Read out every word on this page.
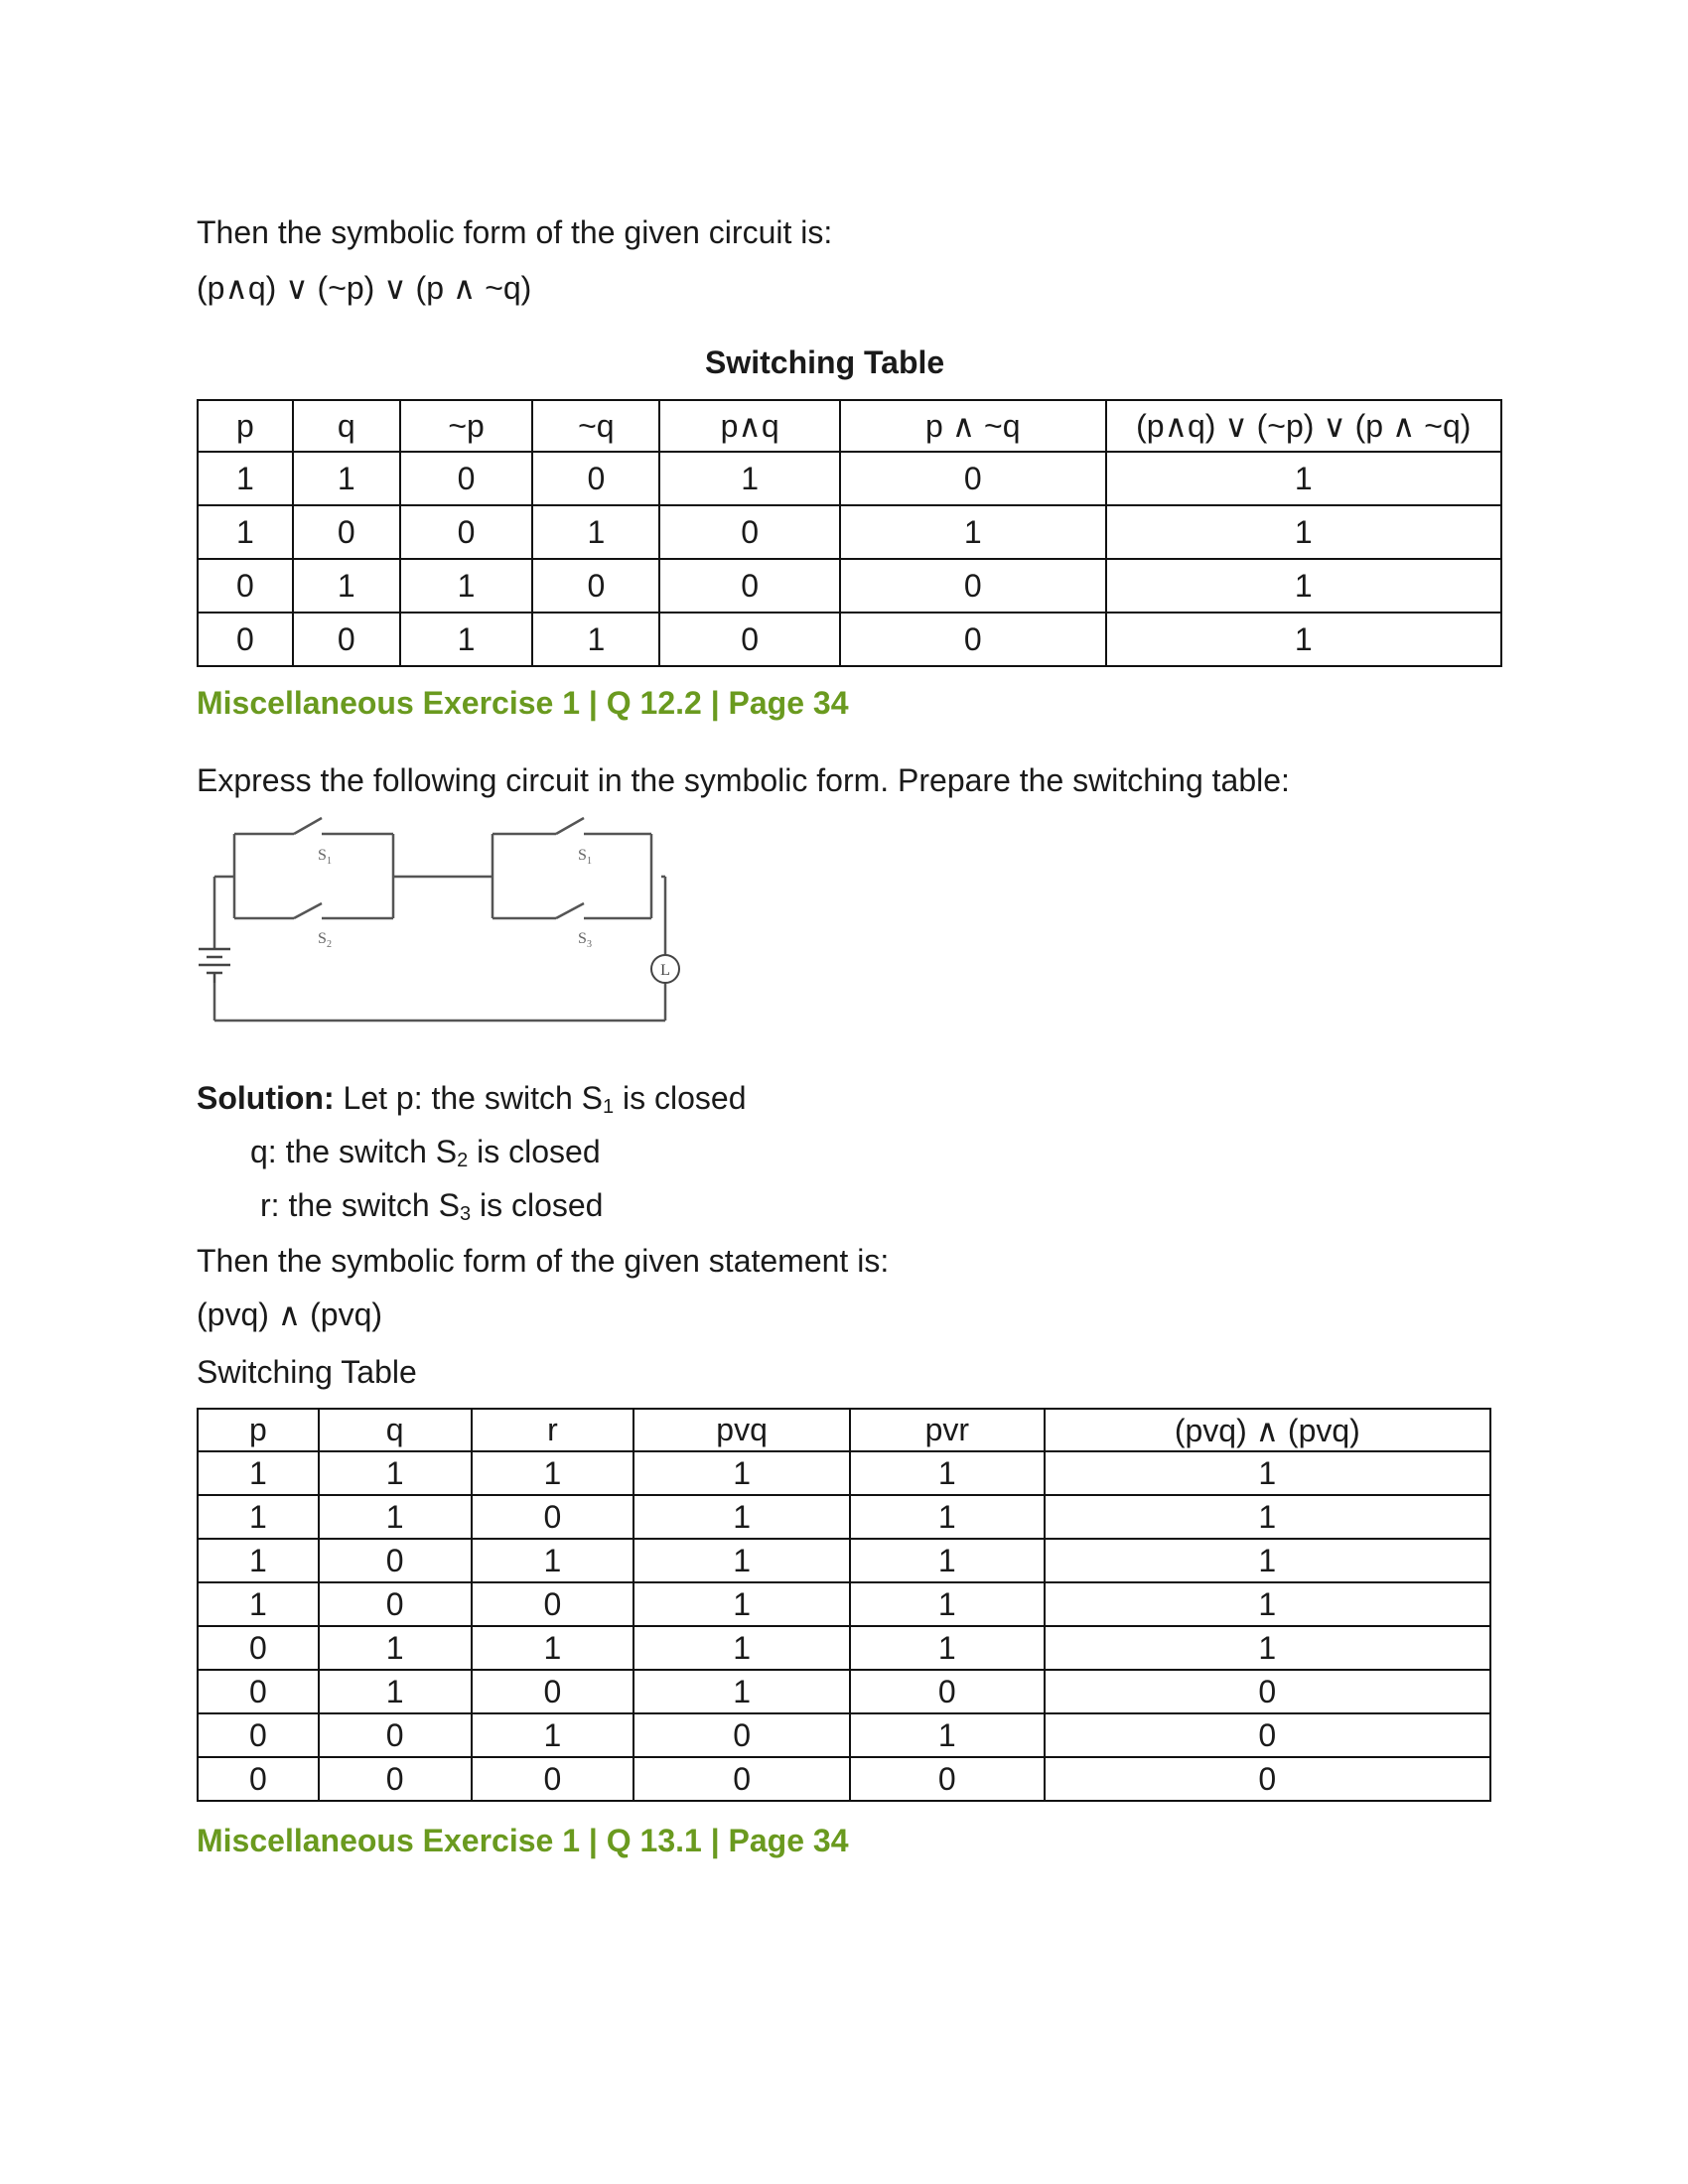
Then the symbolic form of the given circuit is:
(p∧q) ∨ (~p) ∨ (p ∧ ~q)
Switching Table
p	q	~p	~q	p∧q	p ∧ ~q	(p∧q) ∨ (~p) ∨ (p ∧ ~q)
1	1	0	0	1	0	1
1	0	0	1	0	1	1
0	1	1	0	0	0	1
0	0	1	1	0	0	1
Miscellaneous Exercise 1 | Q 12.2 | Page 34
Express the following circuit in the symbolic form. Prepare the switching table:
L
S 1
S 2
S 1
S 3
Solution: Let p: the switch $S_1$ is closed
q: the switch $S_2$ is closed
r: the switch $S_3$ is closed
Then the symbolic form of the given statement is:
(pvq) ∧ (pvq)
Switching Table
p	q	r	pvq	pvr	(pvq) ∧ (pvq)
1	1	1	1	1	1
1	1	0	1	1	1
1	0	1	1	1	1
1	0	0	1	1	1
0	1	1	1	1	1
0	1	0	1	0	0
0	0	1	0	1	0
0	0	0	0	0	0
Miscellaneous Exercise 1 | Q 13.1 | Page 34
